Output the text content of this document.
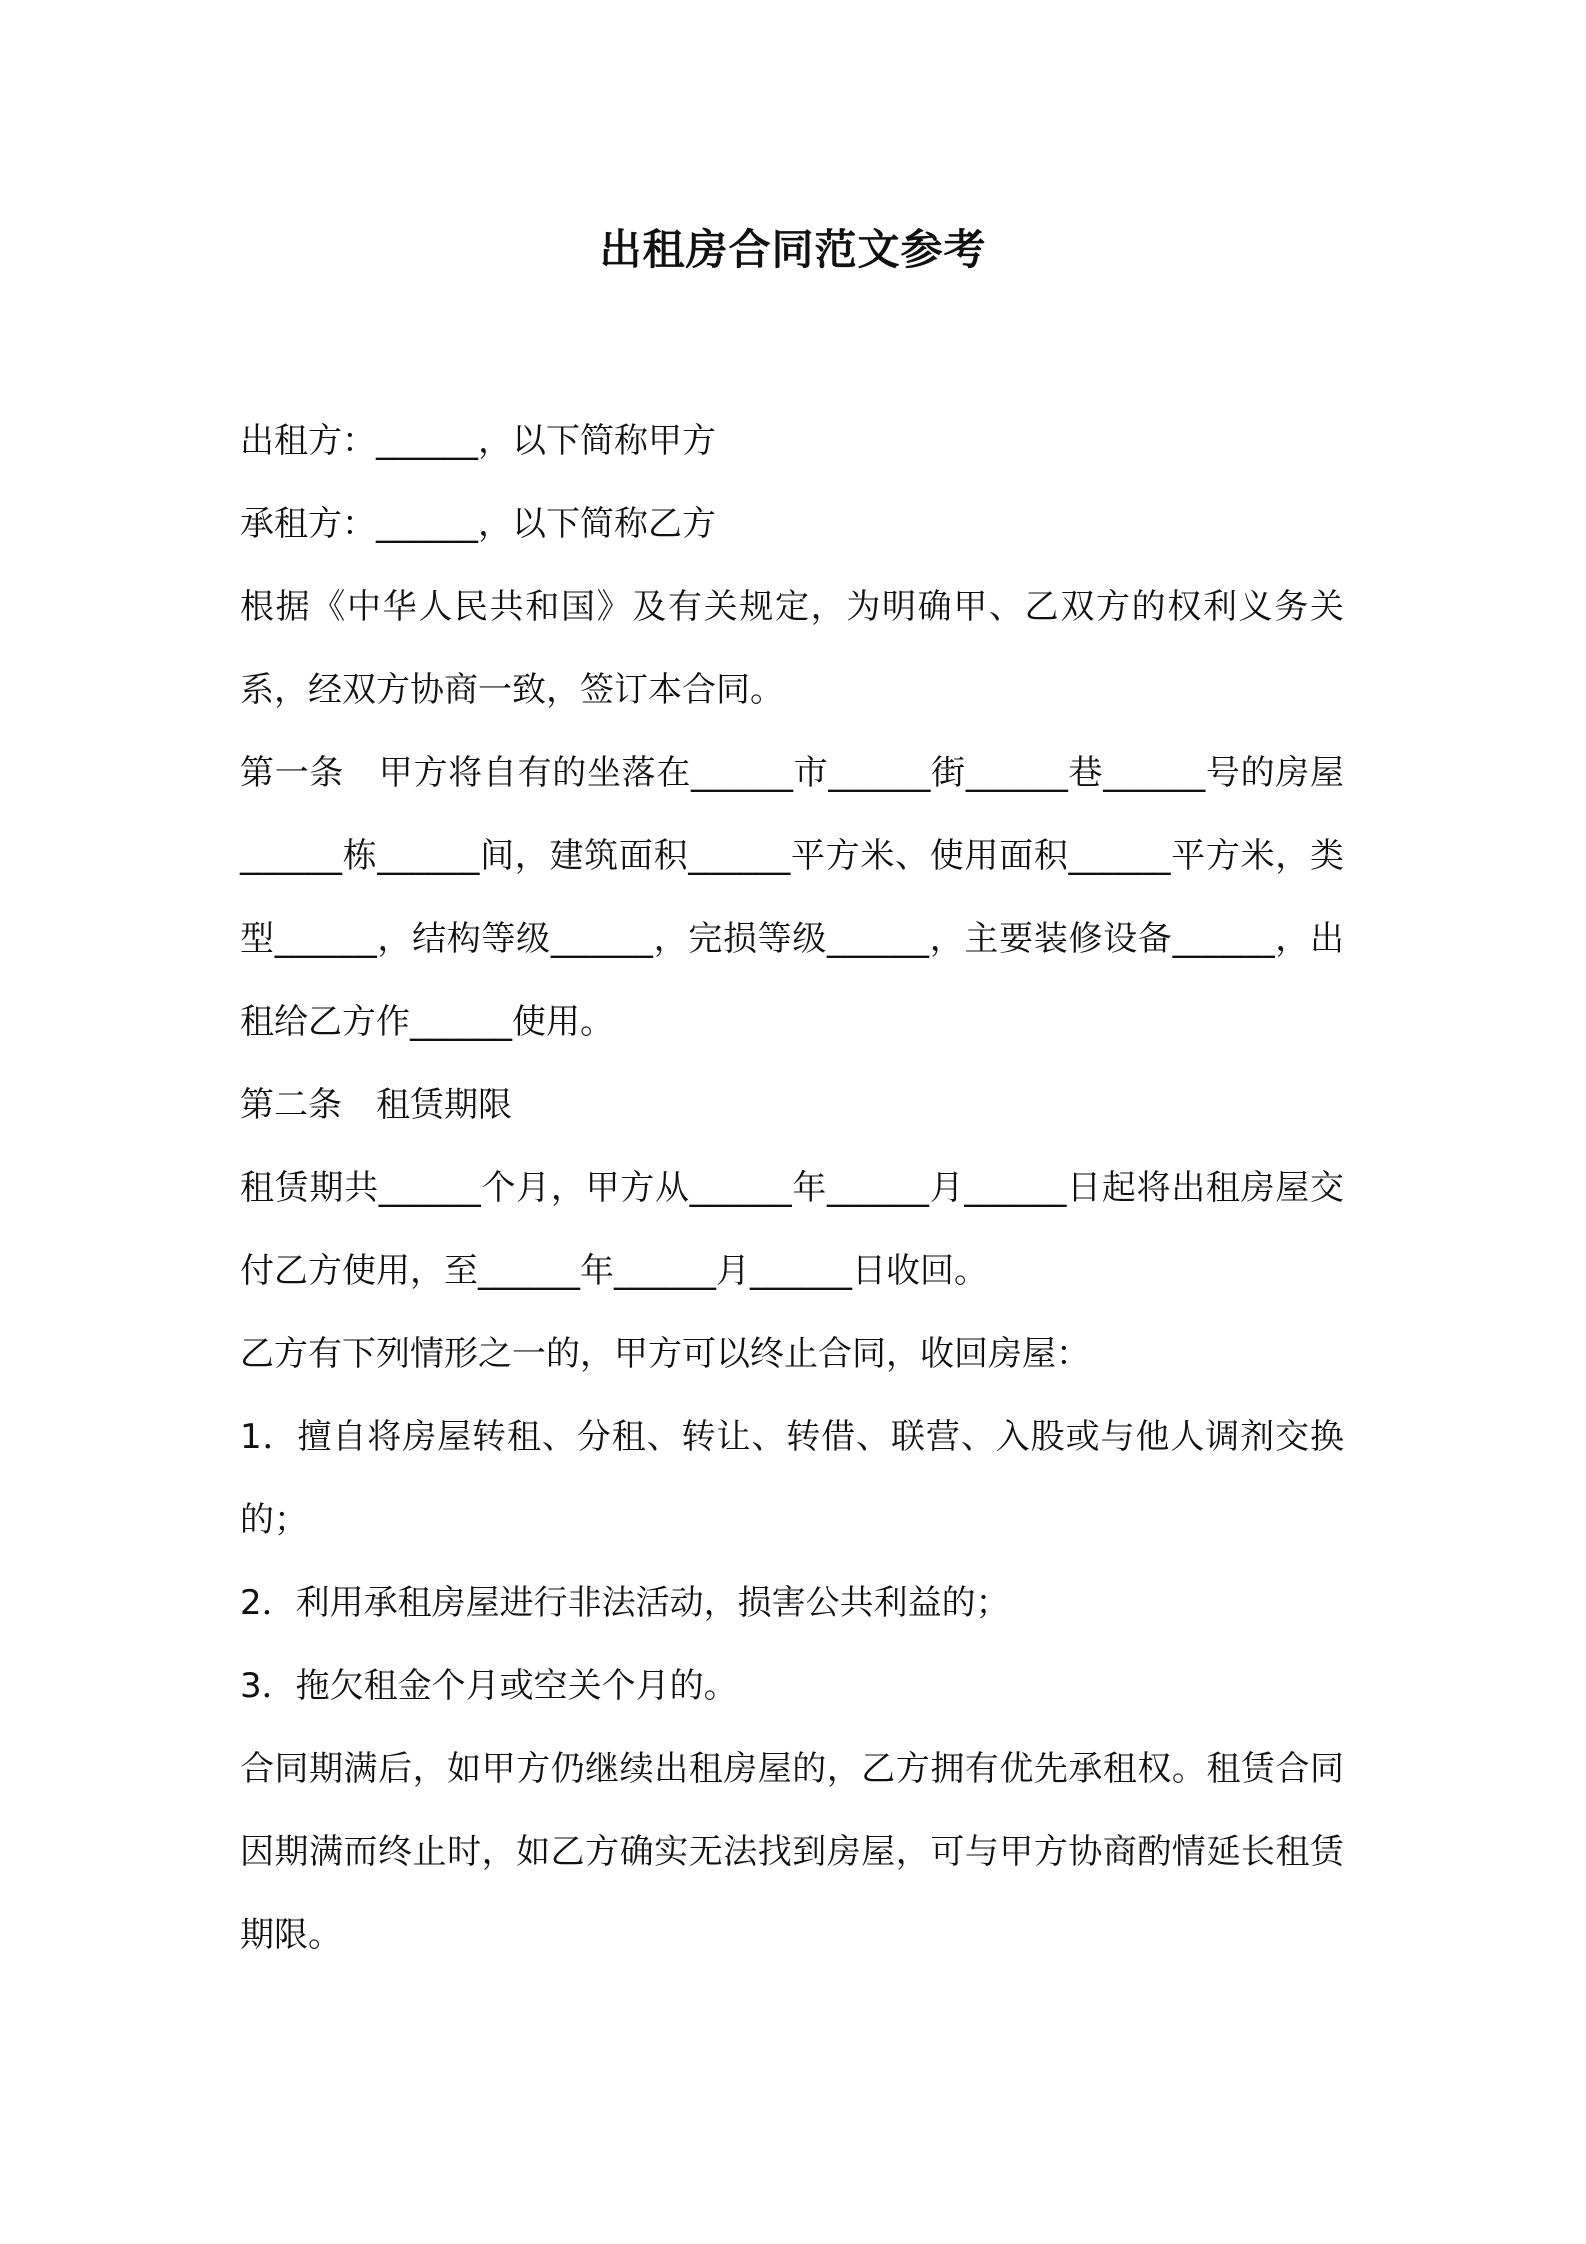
出租房合同范文参考

出租方：______，以下简称甲方

承租方：______，以下简称乙方

根据《中华人民共和国》及有关规定，为明确甲、乙双方的权利义务关系，经双方协商一致，签订本合同。

第一条　甲方将自有的坐落在______市______街______巷______号的房屋______栋______间，建筑面积______平方米、使用面积______平方米，类型______，结构等级______，完损等级______，主要装修设备______，出租给乙方作______使用。

第二条　租赁期限

租赁期共______个月，甲方从______年______月______日起将出租房屋交付乙方使用，至______年______月______日收回。

乙方有下列情形之一的，甲方可以终止合同，收回房屋：

1．擅自将房屋转租、分租、转让、转借、联营、入股或与他人调剂交换的；

2．利用承租房屋进行非法活动，损害公共利益的；

3．拖欠租金个月或空关个月的。

合同期满后，如甲方仍继续出租房屋的，乙方拥有优先承租权。租赁合同因期满而终止时，如乙方确实无法找到房屋，可与甲方协商酌情延长租赁期限。
